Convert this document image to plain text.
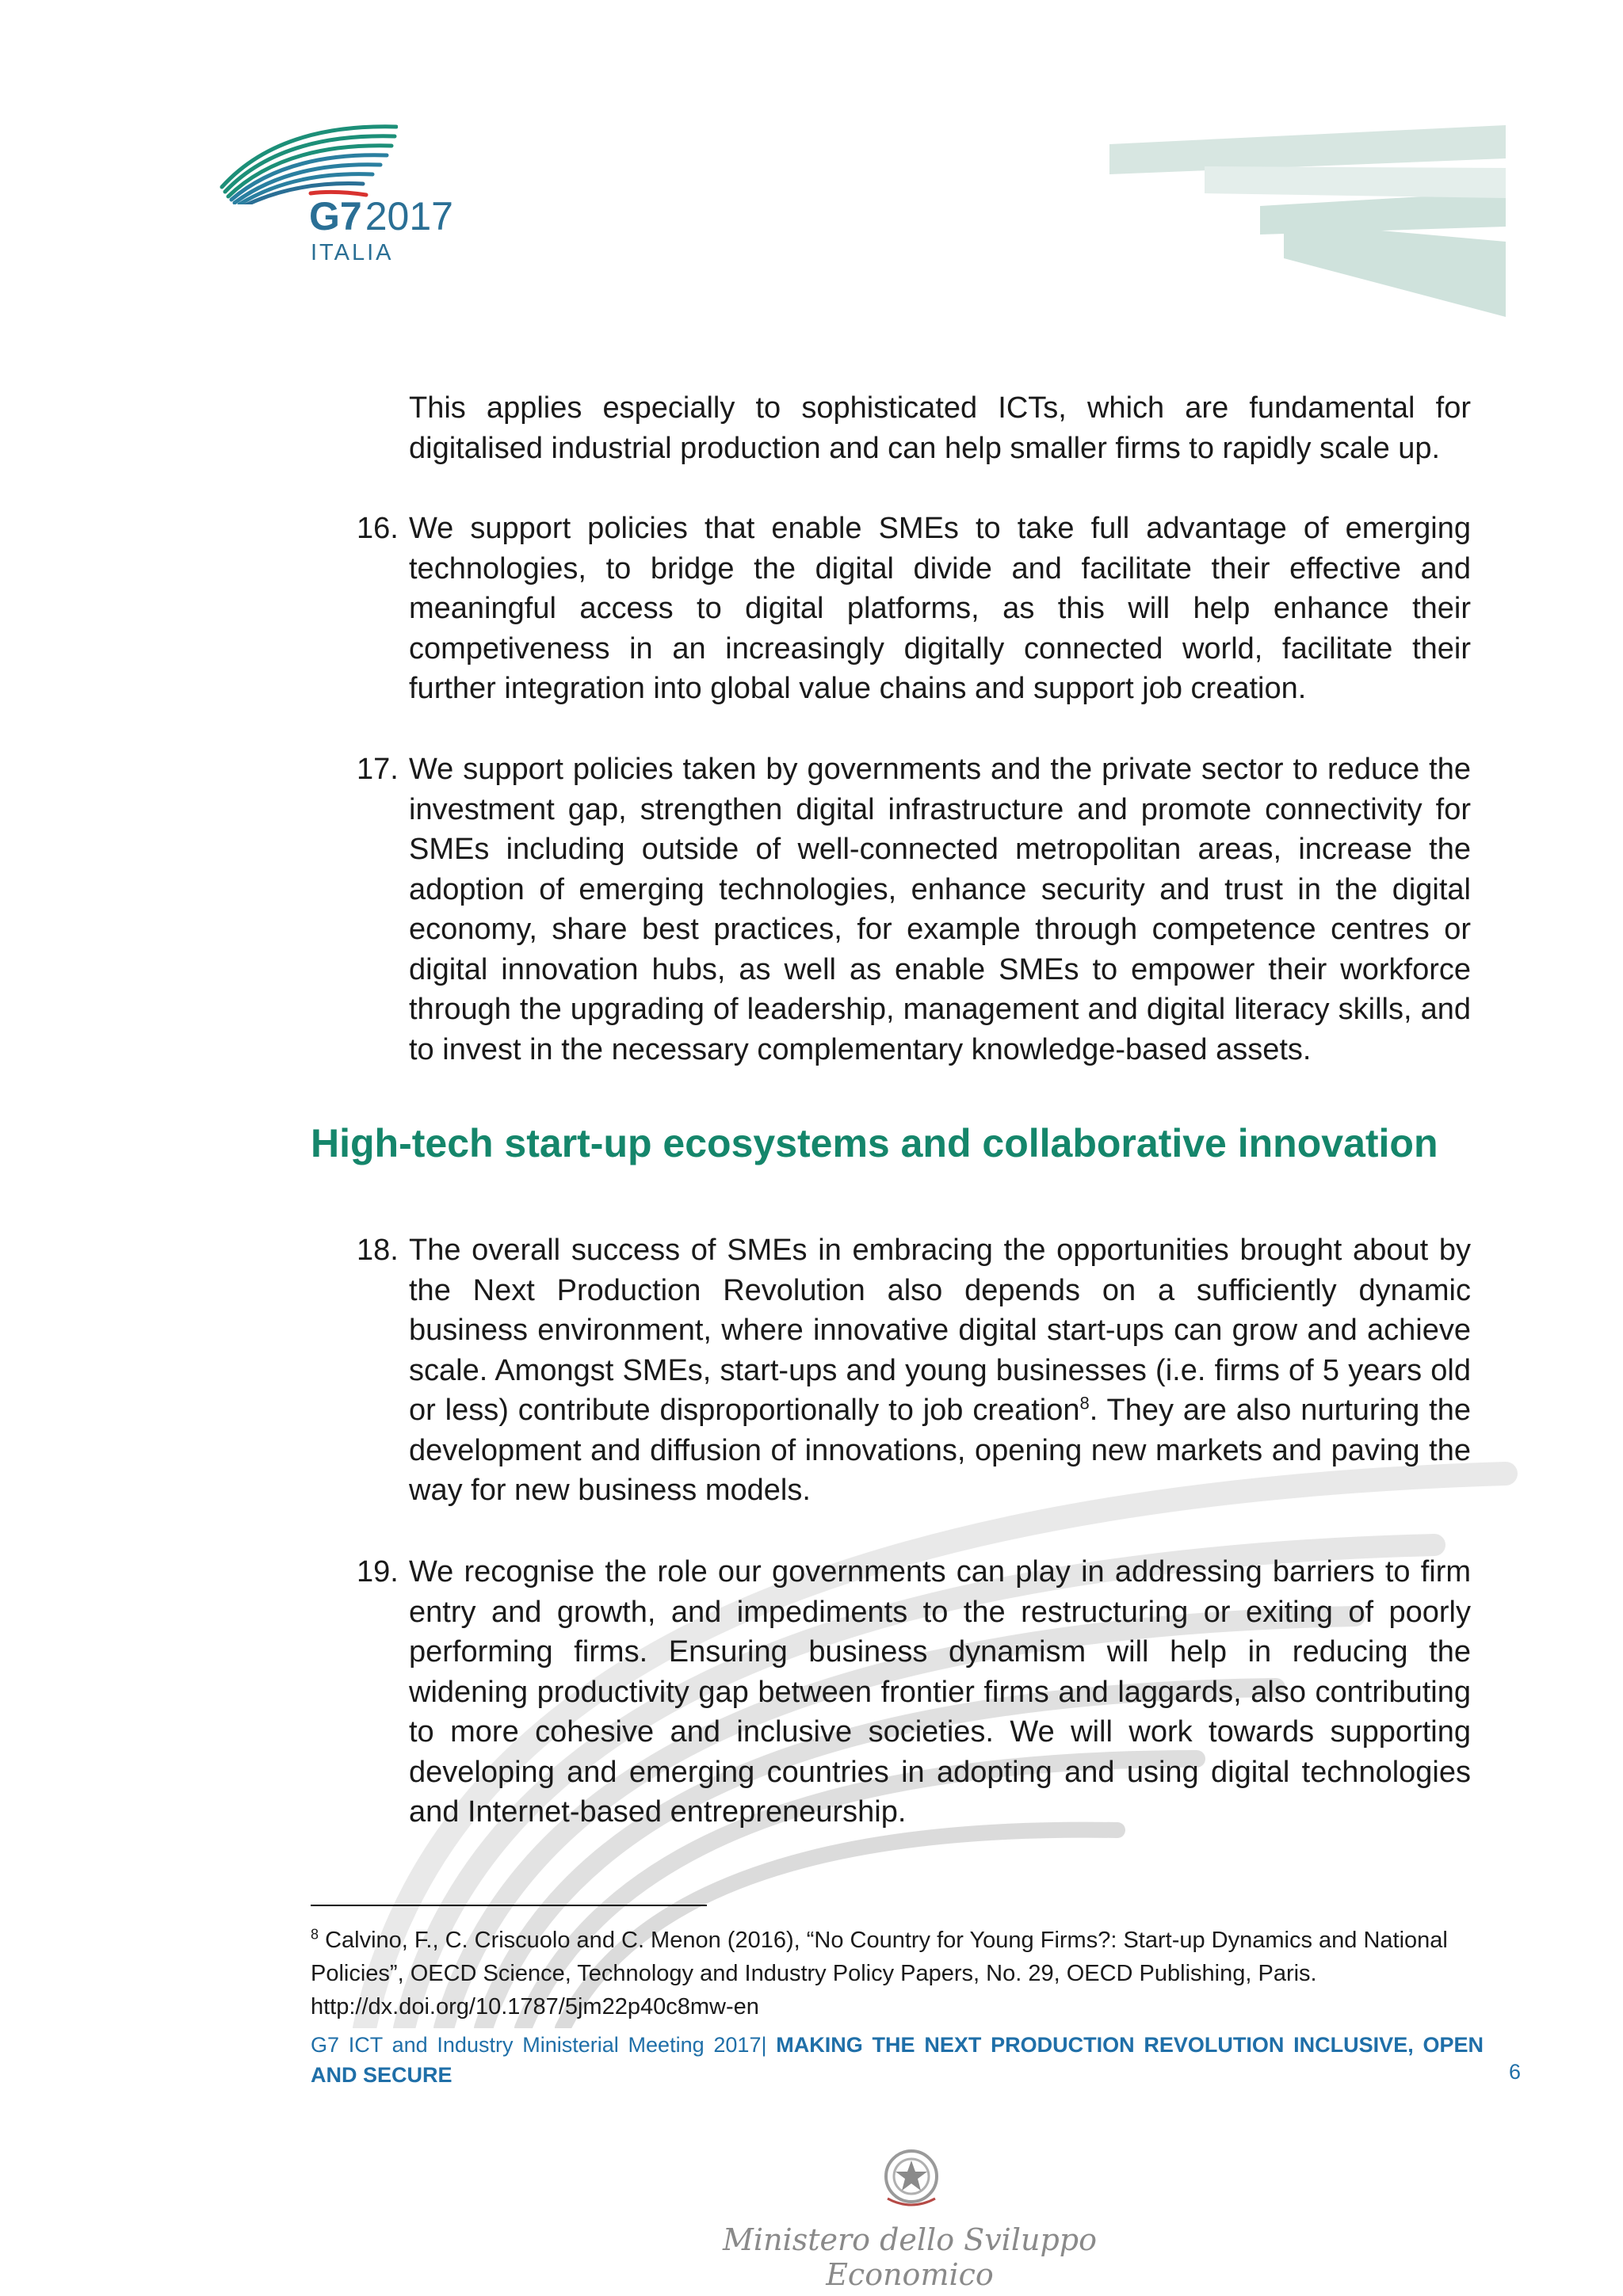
G72017
ITALIA

This applies especially to sophisticated ICTs, which are fundamental for digitalised industrial production and can help smaller firms to rapidly scale up.

16. We support policies that enable SMEs to take full advantage of emerging technologies, to bridge the digital divide and facilitate their effective and meaningful access to digital platforms, as this will help enhance their competiveness in an increasingly digitally connected world, facilitate their further integration into global value chains and support job creation.

17. We support policies taken by governments and the private sector to reduce the investment gap, strengthen digital infrastructure and promote connectivity for SMEs including outside of well-connected metropolitan areas, increase the adoption of emerging technologies, enhance security and trust in the digital economy, share best practices, for example through competence centres or digital innovation hubs, as well as enable SMEs to empower their workforce through the upgrading of leadership, management and digital literacy skills, and to invest in the necessary complementary knowledge-based assets.

High-tech start-up ecosystems and collaborative innovation
18. The overall success of SMEs in embracing the opportunities brought about by the Next Production Revolution also depends on a sufficiently dynamic business environment, where innovative digital start-ups can grow and achieve scale. Amongst SMEs, start-ups and young businesses (i.e. firms of 5 years old or less) contribute disproportionally to job creation$^8$. They are also nurturing the development and diffusion of innovations, opening new markets and paving the way for new business models.

19. We recognise the role our governments can play in addressing barriers to firm entry and growth, and impediments to the restructuring or exiting of poorly performing firms. Ensuring business dynamism will help in reducing the widening productivity gap between frontier firms and laggards, also contributing to more cohesive and inclusive societies. We will work towards supporting developing and emerging countries in adopting and using digital technologies and Internet-based entrepreneurship.

$^8$ Calvino, F., C. Criscuolo and C. Menon (2016), “No Country for Young Firms?: Start-up Dynamics and National Policies”, OECD Science, Technology and Industry Policy Papers, No. 29, OECD Publishing, Paris. http://dx.doi.org/10.1787/5jm22p40c8mw-en

G7 ICT and Industry Ministerial Meeting 2017| MAKING THE NEXT PRODUCTION REVOLUTION INCLUSIVE, OPEN AND SECURE	6
Ministero dello Sviluppo Economico
